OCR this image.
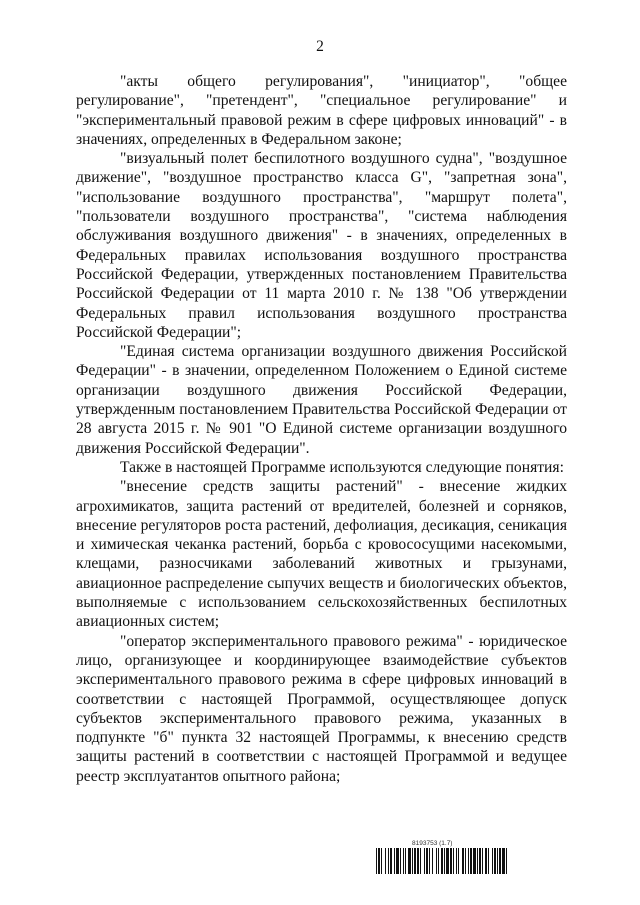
2

"акты общего регулирования", "инициатор", "общее регулирование", "претендент", "специальное регулирование" и "экспериментальный правовой режим в сфере цифровых инноваций" - в значениях, определенных в Федеральном законе;

"визуальный полет беспилотного воздушного судна", "воздушное движение", "воздушное пространство класса G", "запретная зона", "использование воздушного пространства", "маршрут полета", "пользователи воздушного пространства", "система наблюдения обслуживания воздушного движения" - в значениях, определенных в Федеральных правилах использования воздушного пространства Российской Федерации, утвержденных постановлением Правительства Российской Федерации от 11 марта 2010 г. № 138 "Об утверждении Федеральных правил использования воздушного пространства Российской Федерации";

"Единая система организации воздушного движения Российской Федерации" - в значении, определенном Положением о Единой системе организации воздушного движения Российской Федерации, утвержденным постановлением Правительства Российской Федерации от 28 августа 2015 г. № 901 "О Единой системе организации воздушного движения Российской Федерации".

Также в настоящей Программе используются следующие понятия:

"внесение средств защиты растений" - внесение жидких агрохимикатов, защита растений от вредителей, болезней и сорняков, внесение регуляторов роста растений, дефолиация, десикация, сеникация и химическая чеканка растений, борьба с кровососущими насекомыми, клещами, разносчиками заболеваний животных и грызунами, авиационное распределение сыпучих веществ и биологических объектов, выполняемые с использованием сельскохозяйственных беспилотных авиационных систем;

"оператор экспериментального правового режима" - юридическое лицо, организующее и координирующее взаимодействие субъектов экспериментального правового режима в сфере цифровых инноваций в соответствии с настоящей Программой, осуществляющее допуск субъектов экспериментального правового режима, указанных в подпункте "б" пункта 32 настоящей Программы, к внесению средств защиты растений в соответствии с настоящей Программой и ведущее реестр эксплуатантов опытного района;

8193753 (1.7)
